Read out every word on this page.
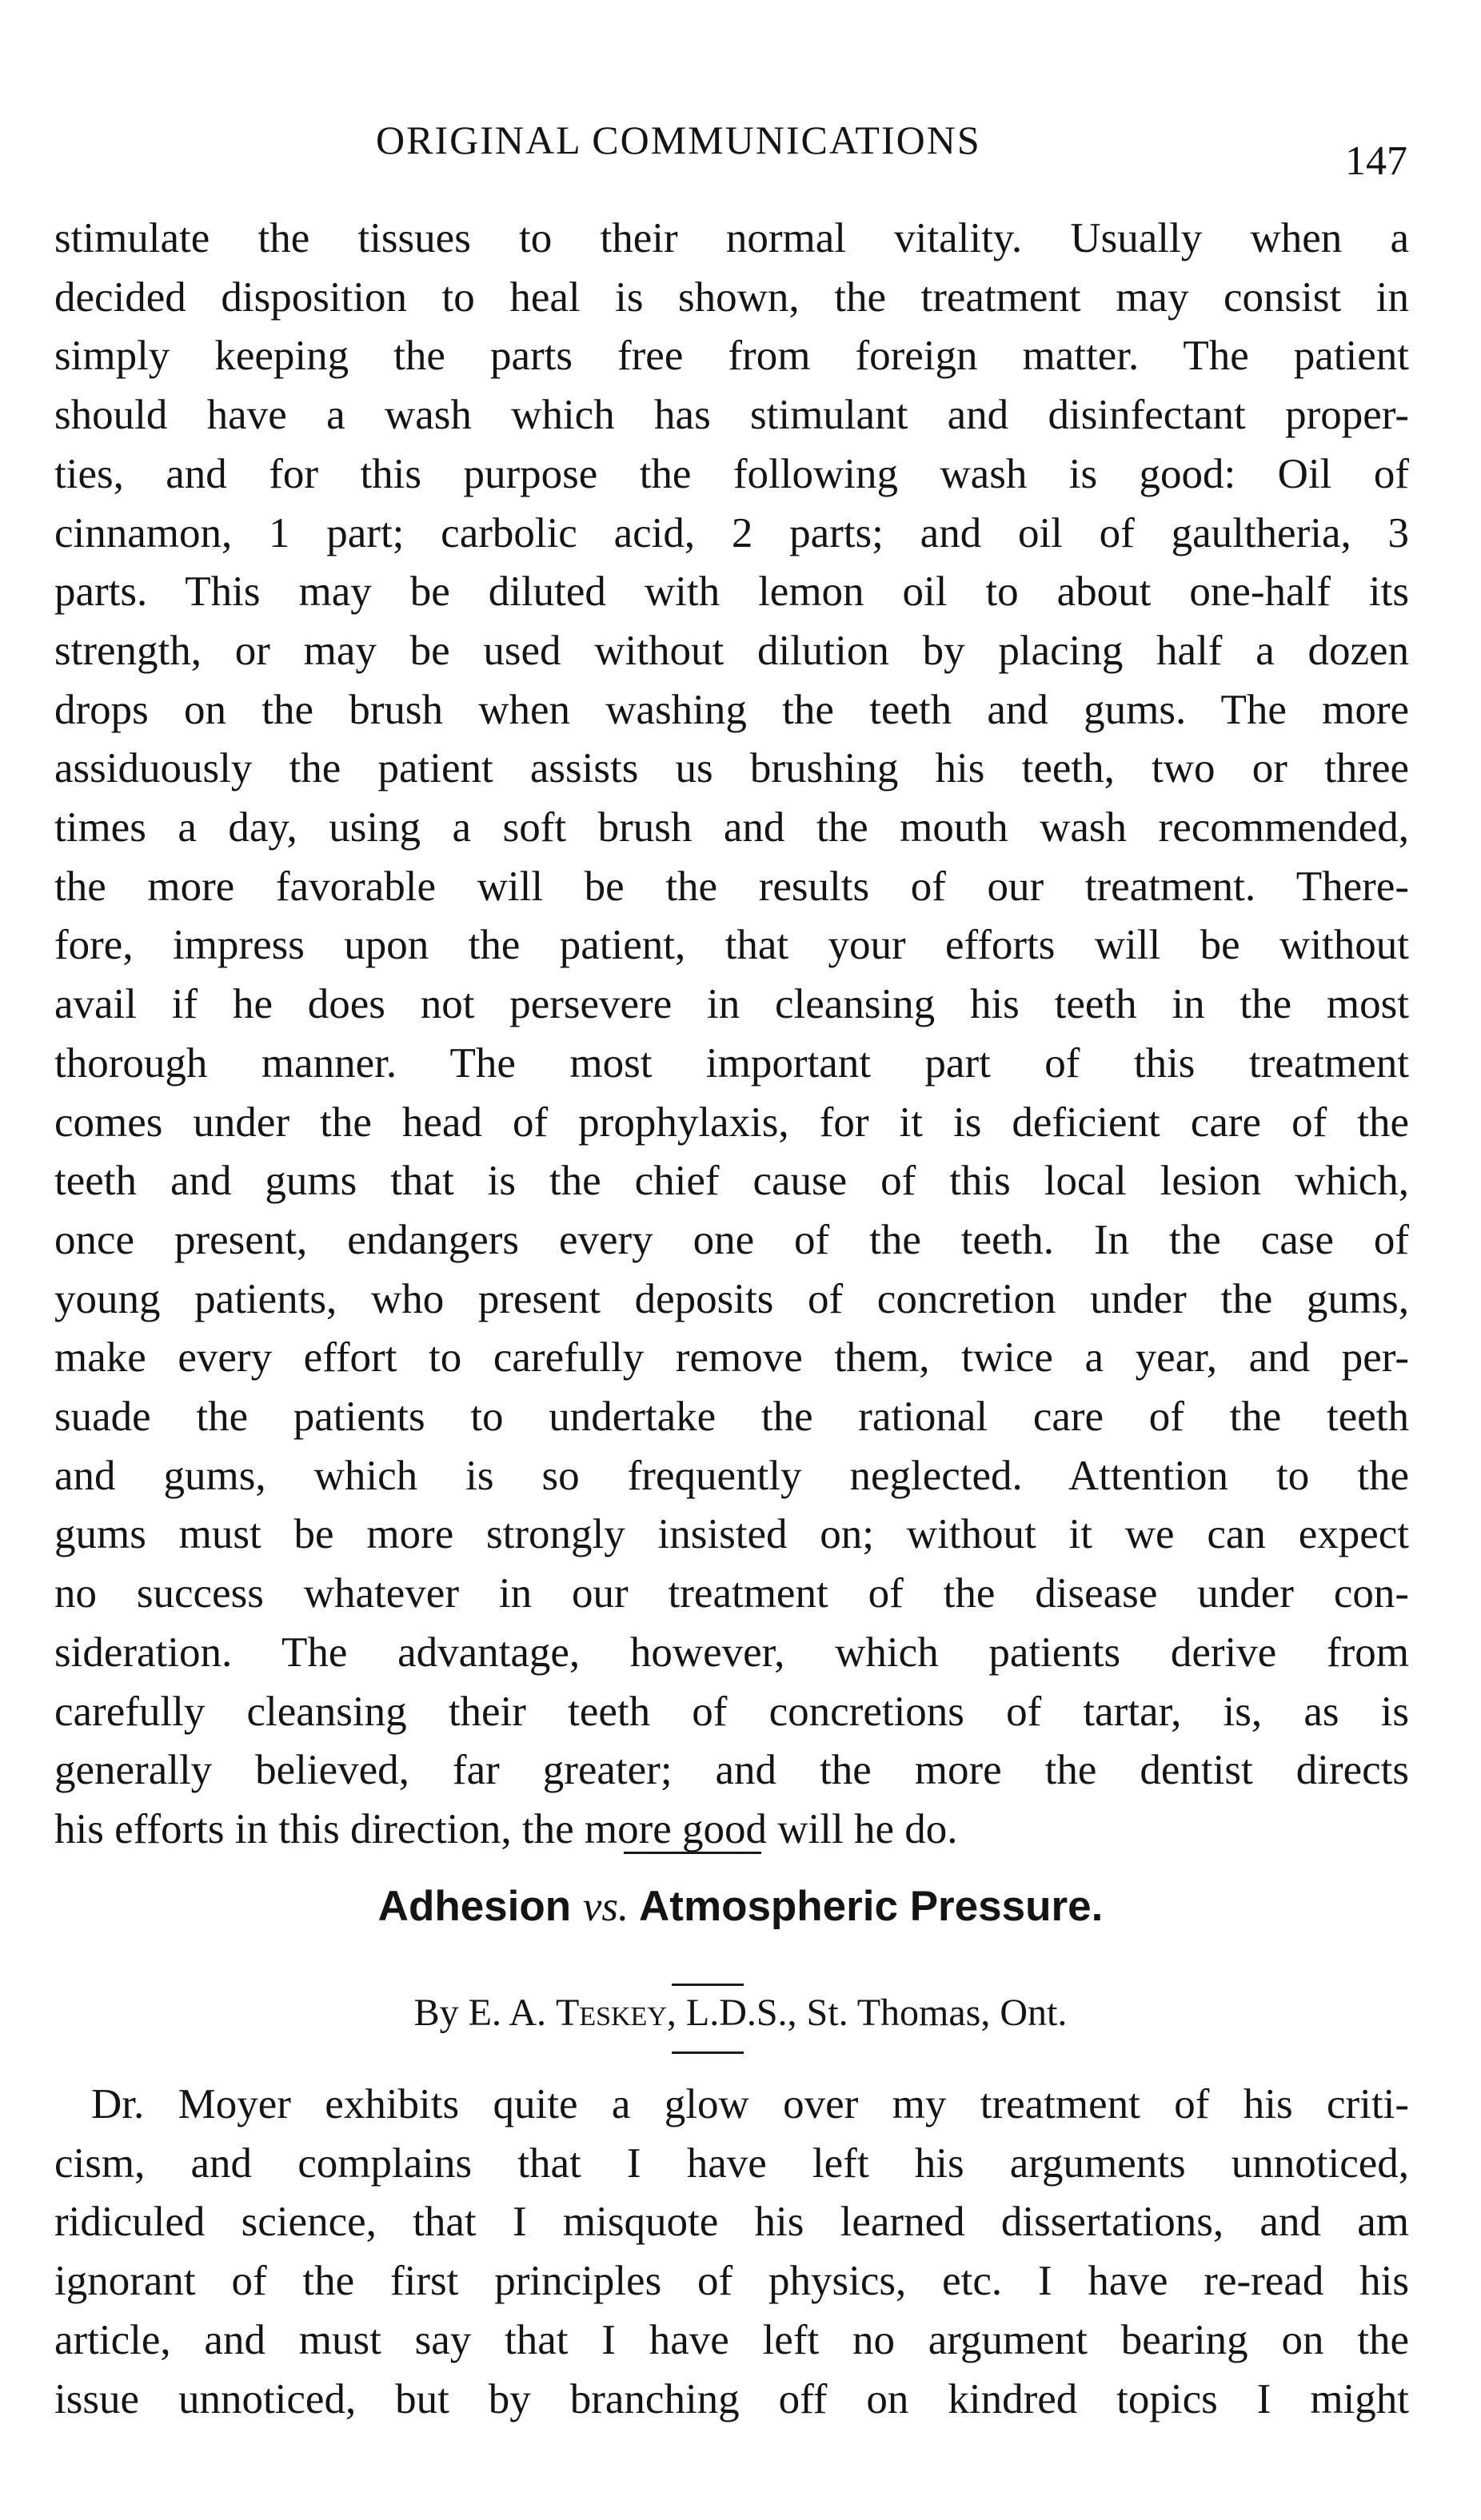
ORIGINAL COMMUNICATIONS	147
stimulate the tissues to their normal vitality. Usually when a
decided disposition to heal is shown, the treatment may consist in
simply keeping the parts free from foreign matter. The patient
should have a wash which has stimulant and disinfectant proper-
ties, and for this purpose the following wash is good: Oil of
cinnamon, 1 part; carbolic acid, 2 parts; and oil of gaultheria, 3
parts. This may be diluted with lemon oil to about one-half its
strength, or may be used without dilution by placing half a dozen
drops on the brush when washing the teeth and gums. The more
assiduously the patient assists us brushing his teeth, two or three
times a day, using a soft brush and the mouth wash recommended,
the more favorable will be the results of our treatment. There-
fore, impress upon the patient, that your efforts will be without
avail if he does not persevere in cleansing his teeth in the most
thorough manner. The most important part of this treatment
comes under the head of prophylaxis, for it is deficient care of the
teeth and gums that is the chief cause of this local lesion which,
once present, endangers every one of the teeth. In the case of
young patients, who present deposits of concretion under the gums,
make every effort to carefully remove them, twice a year, and per-
suade the patients to undertake the rational care of the teeth
and gums, which is so frequently neglected. Attention to the
gums must be more strongly insisted on; without it we can expect
no success whatever in our treatment of the disease under con-
sideration. The advantage, however, which patients derive from
carefully cleansing their teeth of concretions of tartar, is, as is
generally believed, far greater; and the more the dentist directs
his efforts in this direction, the more good will he do.
Adhesion vs. Atmospheric Pressure.
By E. A. Teskey, L.D.S., St. Thomas, Ont.
Dr. Moyer exhibits quite a glow over my treatment of his criti-
cism, and complains that I have left his arguments unnoticed,
ridiculed science, that I misquote his learned dissertations, and am
ignorant of the first principles of physics, etc. I have re-read his
article, and must say that I have left no argument bearing on the
issue unnoticed, but by branching off on kindred topics I might
